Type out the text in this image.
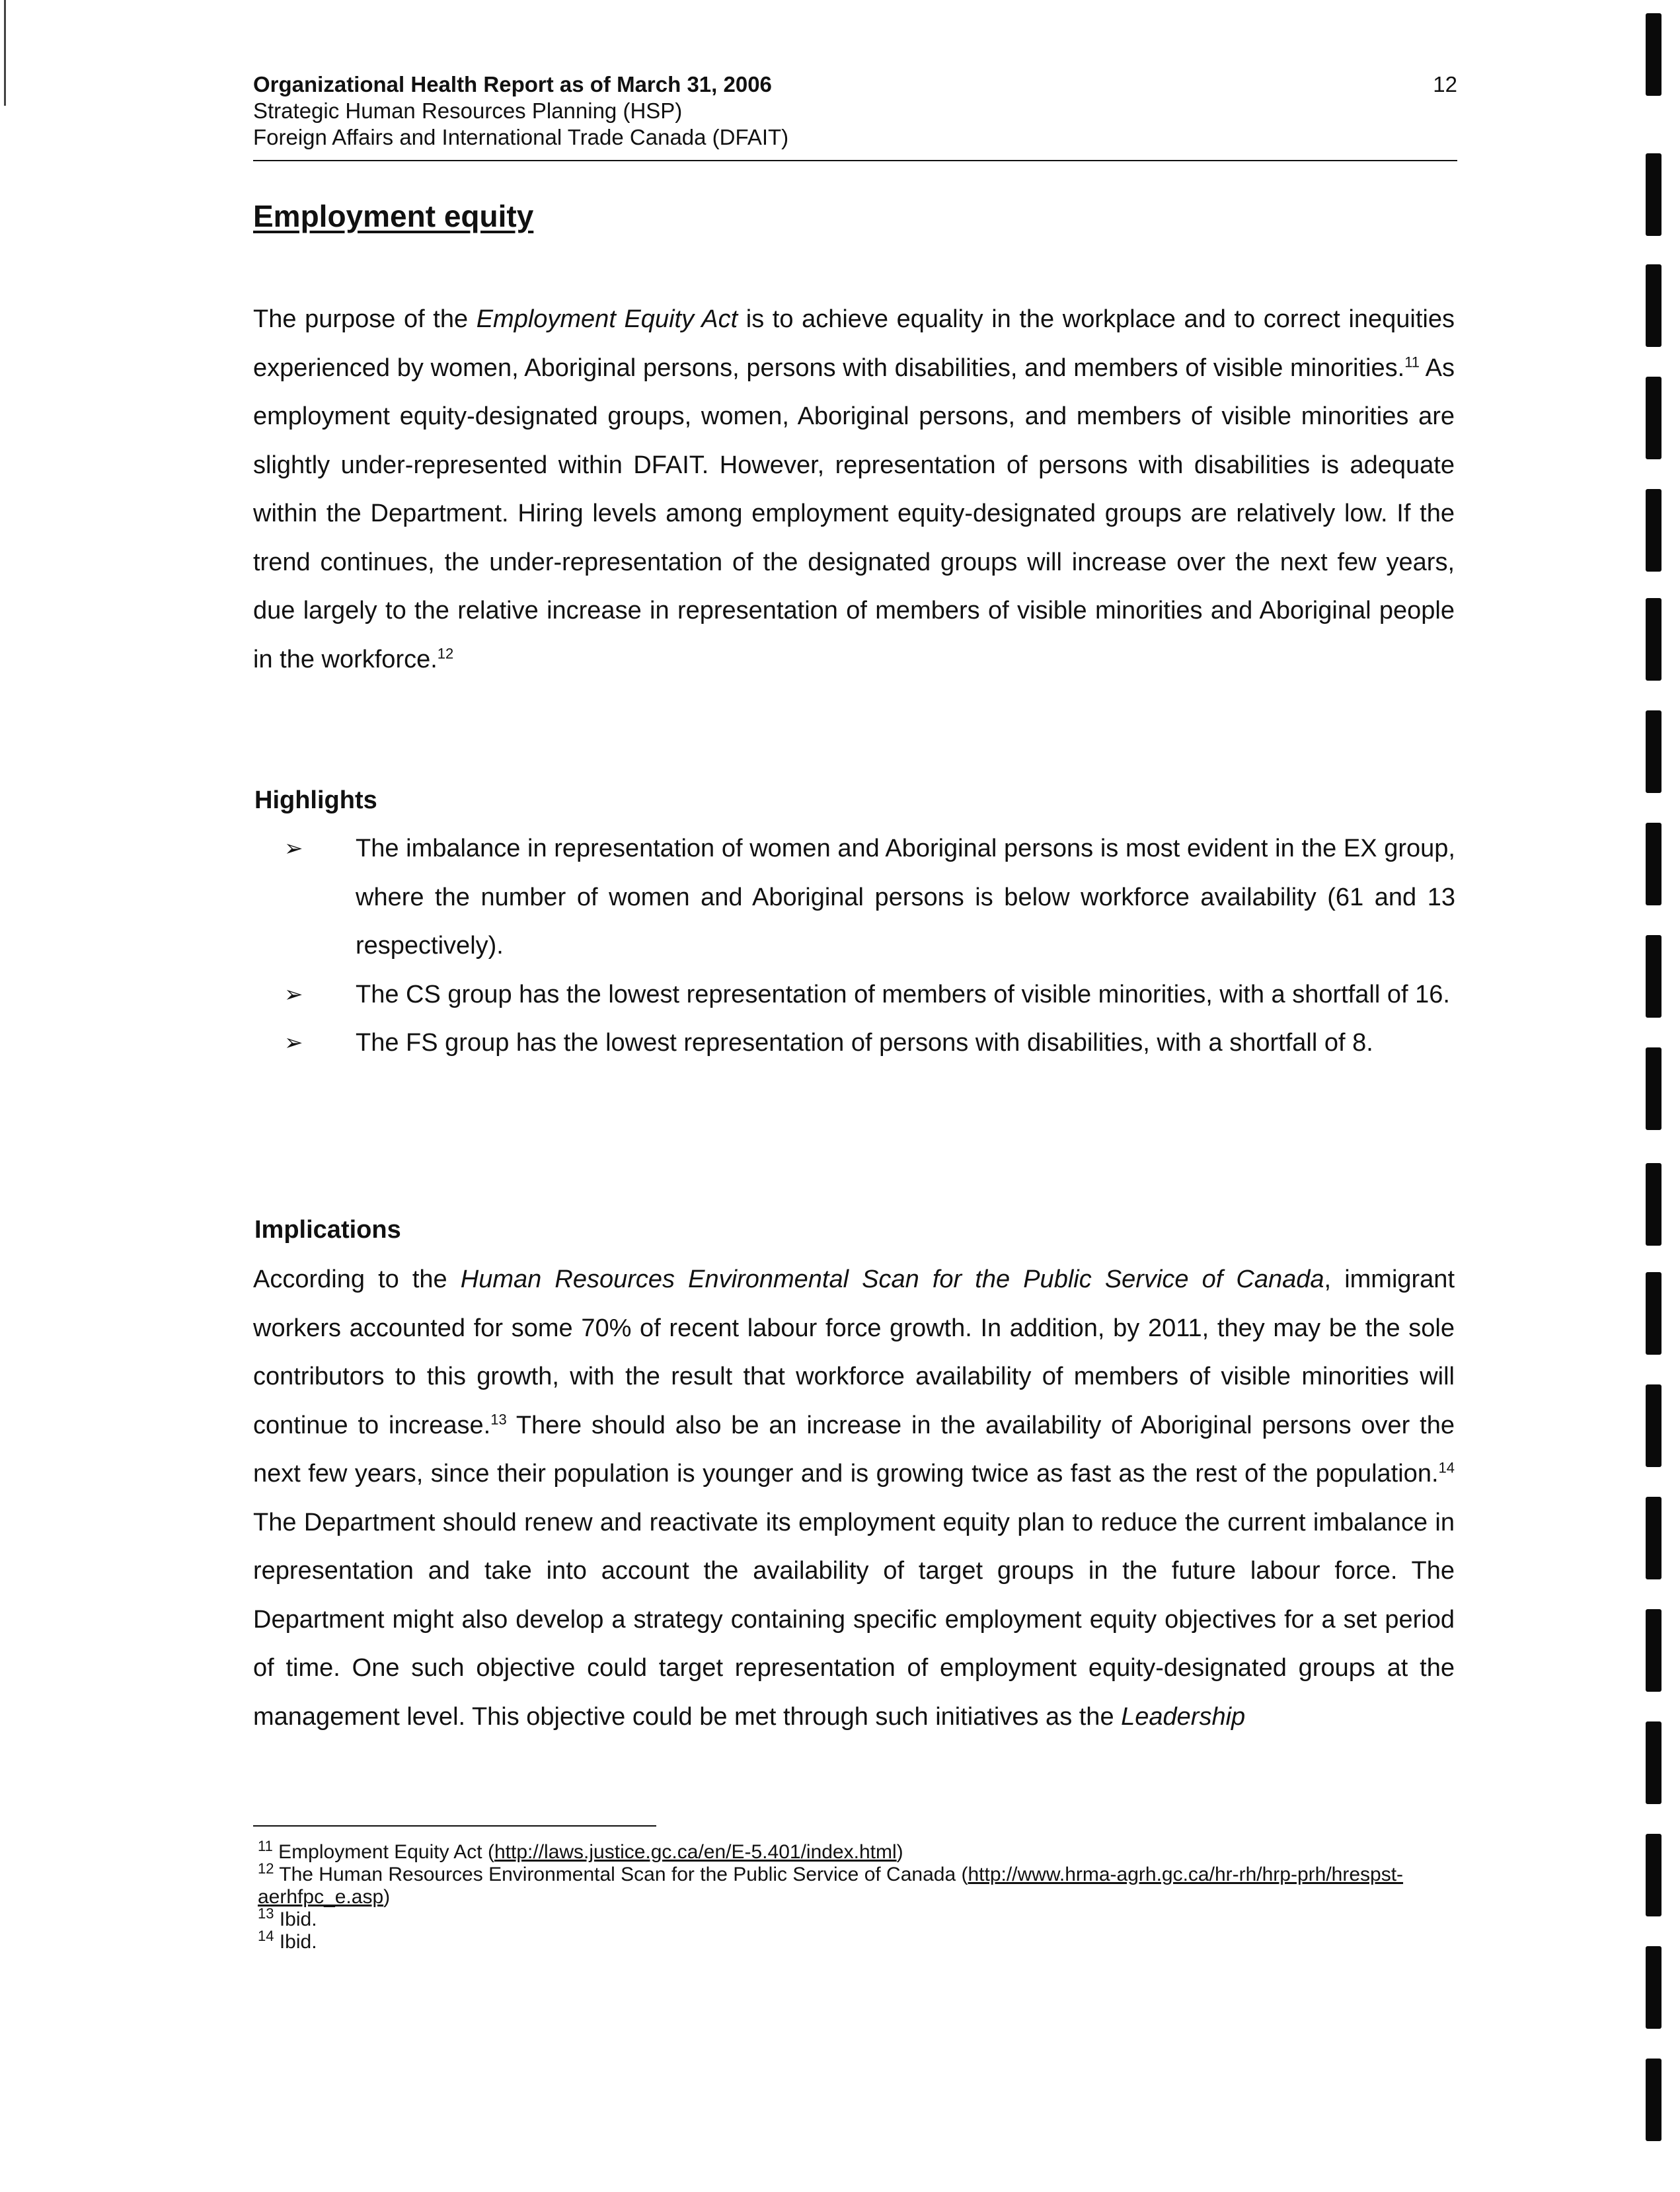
Organizational Health Report as of March 31, 2006
Strategic Human Resources Planning (HSP)
Foreign Affairs and International Trade Canada (DFAIT)
12
Employment equity
The purpose of the Employment Equity Act is to achieve equality in the workplace and to correct inequities experienced by women, Aboriginal persons, persons with disabilities, and members of visible minorities.$^{11}$ As employment equity-designated groups, women, Aboriginal persons, and members of visible minorities are slightly under-represented within DFAIT. However, representation of persons with disabilities is adequate within the Department. Hiring levels among employment equity-designated groups are relatively low. If the trend continues, the under-representation of the designated groups will increase over the next few years, due largely to the relative increase in representation of members of visible minorities and Aboriginal people in the workforce.$^{12}$
Highlights
➢ The imbalance in representation of women and Aboriginal persons is most evident in the EX group, where the number of women and Aboriginal persons is below workforce availability (61 and 13 respectively).
➢ The CS group has the lowest representation of members of visible minorities, with a shortfall of 16.
➢ The FS group has the lowest representation of persons with disabilities, with a shortfall of 8.
Implications
According to the Human Resources Environmental Scan for the Public Service of Canada, immigrant workers accounted for some 70% of recent labour force growth. In addition, by 2011, they may be the sole contributors to this growth, with the result that workforce availability of members of visible minorities will continue to increase.$^{13}$ There should also be an increase in the availability of Aboriginal persons over the next few years, since their population is younger and is growing twice as fast as the rest of the population.$^{14}$ The Department should renew and reactivate its employment equity plan to reduce the current imbalance in representation and take into account the availability of target groups in the future labour force. The Department might also develop a strategy containing specific employment equity objectives for a set period of time. One such objective could target representation of employment equity-designated groups at the management level. This objective could be met through such initiatives as the Leadership
$^{11}$ Employment Equity Act (http://laws.justice.gc.ca/en/E-5.401/index.html)
$^{12}$ The Human Resources Environmental Scan for the Public Service of Canada (http://www.hrma-agrh.gc.ca/hr-rh/hrp-prh/hrespst-aerhfpc_e.asp)
$^{13}$ Ibid.
$^{14}$ Ibid.
